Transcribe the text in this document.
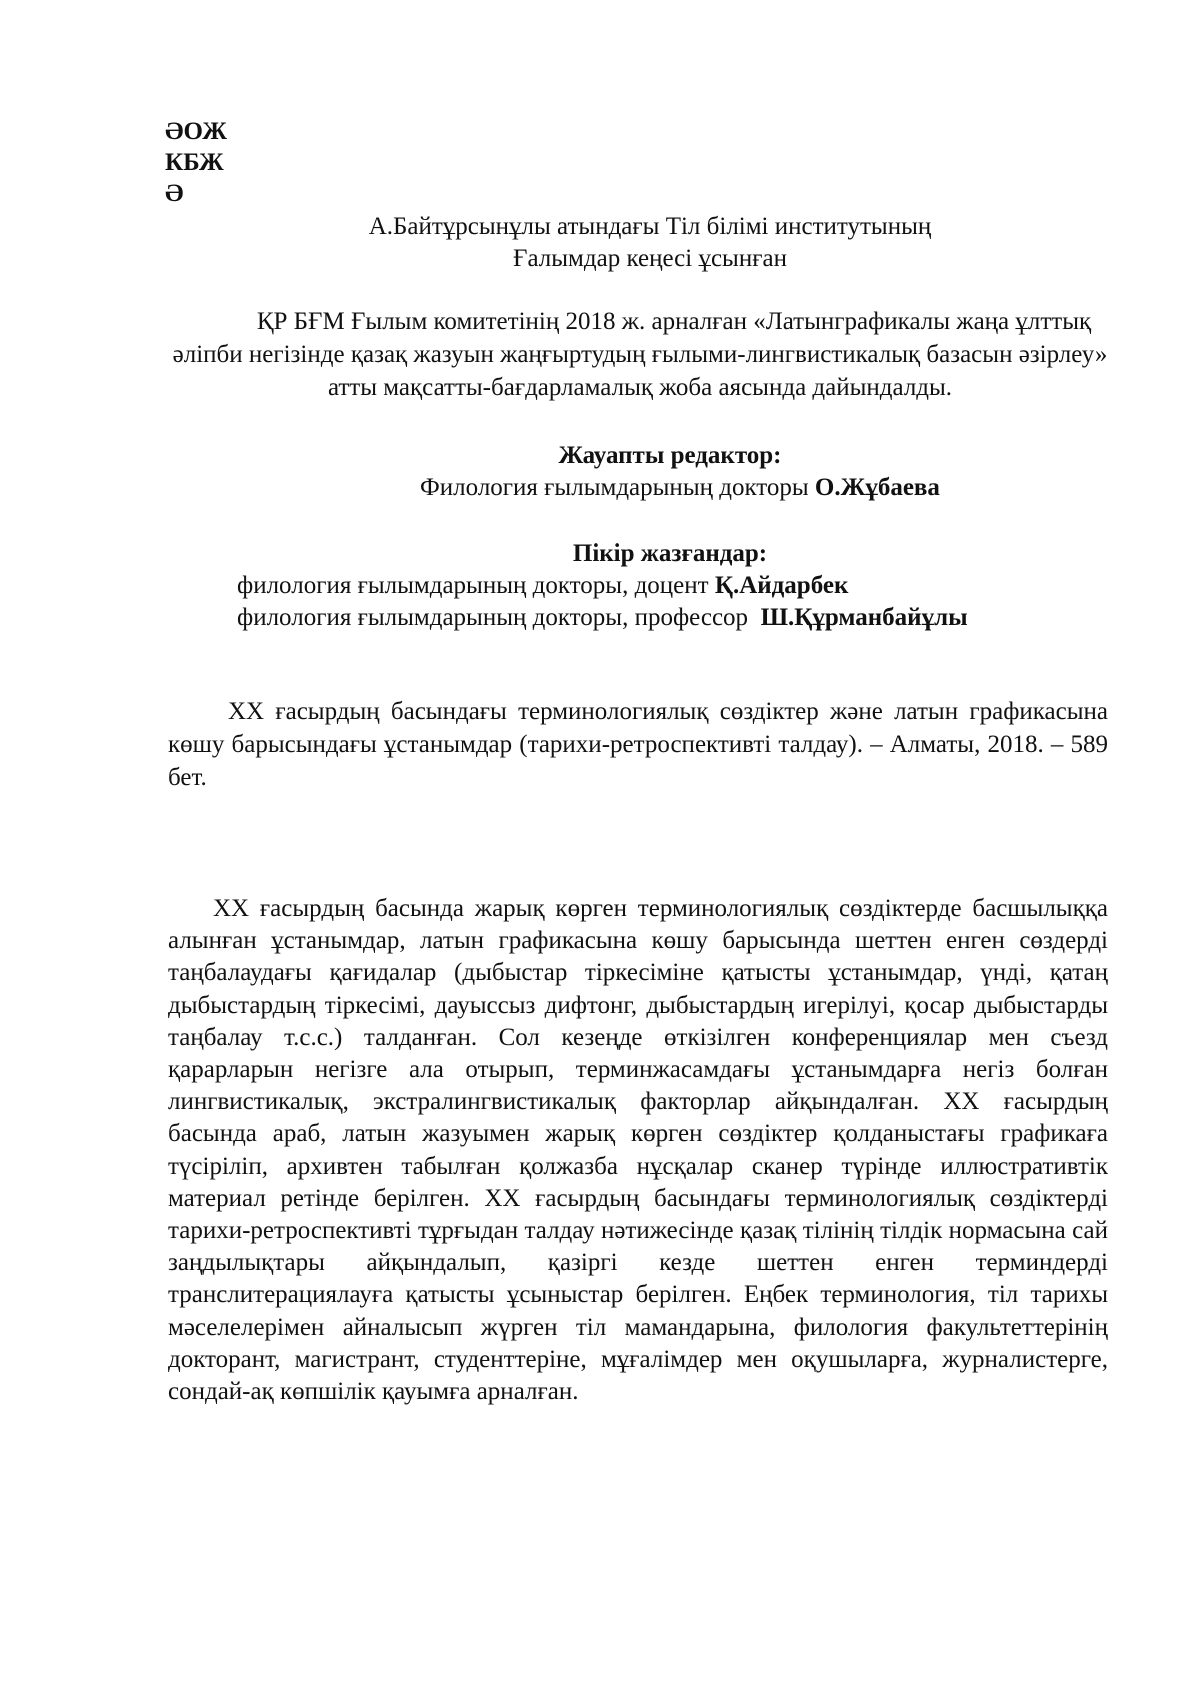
ӘОЖ
КБЖ
Ә
А.Байтұрсынұлы атындағы Тіл білімі институтының
Ғалымдар кеңесі ұсынған
ҚР БҒМ Ғылым комитетінің 2018 ж. арналған «Латынграфикалы жаңа ұлттық әліпби негізінде қазақ жазуын жаңғыртудың ғылыми-лингвистикалық базасын әзірлеу» атты мақсатты-бағдарламалық жоба аясында дайындалды.
Жауапты редактор:
Филология ғылымдарының докторы О.Жұбаева
Пікір жазғандар:
филология ғылымдарының докторы, доцент Қ.Айдарбек
филология ғылымдарының докторы, профессор  Ш.Құрманбайұлы
XX ғасырдың басындағы терминологиялық сөздіктер және латын графикасына көшу барысындағы ұстанымдар (тарихи-ретроспективті талдау). – Алматы, 2018. – 589 бет.
XX ғасырдың басында жарық көрген терминологиялық сөздіктерде басшылыққа алынған ұстанымдар, латын графикасына көшу барысында шеттен енген сөздерді таңбалаудағы қағидалар (дыбыстар тіркесіміне қатысты ұстанымдар, үнді, қатаң дыбыстардың тіркесімі, дауыссыз дифтонг, дыбыстардың игерілуі, қосар дыбыстарды таңбалау т.с.с.) талданған. Сол кезеңде өткізілген конференциялар мен съезд қарарларын негізге ала отырып, терминжасамдағы ұстанымдарға негіз болған лингвистикалық, экстралингвистикалық факторлар айқындалған. XX ғасырдың басында араб, латын жазуымен жарық көрген сөздіктер қолданыстағы графикаға түсіріліп, архивтен табылған қолжазба нұсқалар сканер түрінде иллюстративтік материал ретінде берілген. XX ғасырдың басындағы терминологиялық сөздіктерді тарихи-ретроспективті тұрғыдан талдау нәтижесінде қазақ тілінің тілдік нормасына сай заңдылықтары айқындалып, қазіргі кезде шеттен енген терминдерді транслитерациялауға қатысты ұсыныстар берілген. Еңбек терминология, тіл тарихы мәселелерімен айналысып жүрген тіл мамандарына, филология факультеттерінің докторант, магистрант, студенттеріне, мұғалімдер мен оқушыларға, журналистерге, сондай-ақ көпшілік қауымға арналған.
